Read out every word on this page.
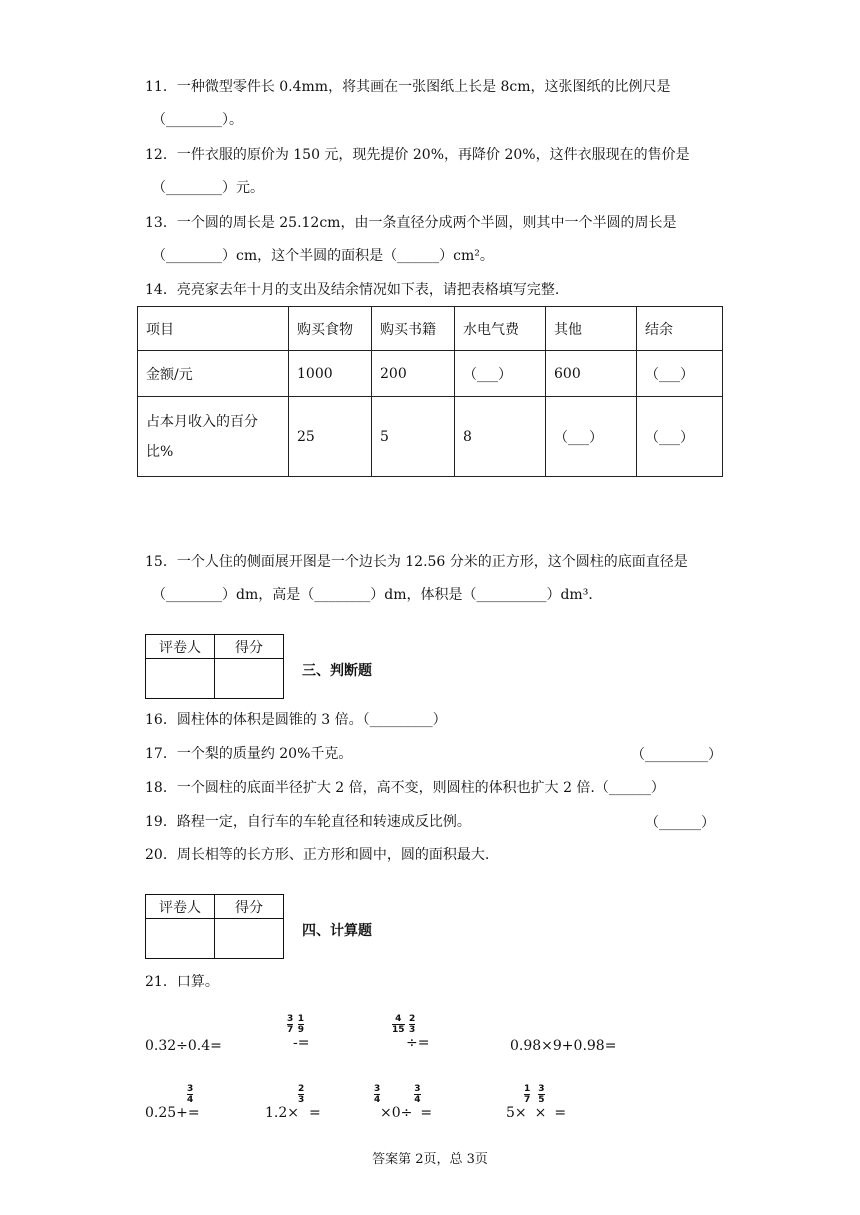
11．一种微型零件长 0.4mm，将其画在一张图纸上长是 8cm，这张图纸的比例尺是
（________）。
12．一件衣服的原价为 150 元，现先提价 20%，再降价 20%，这件衣服现在的售价是
（________）元。
13．一个圆的周长是 25.12cm，由一条直径分成两个半圆，则其中一个半圆的周长是
（________）cm，这个半圆的面积是（______）cm²。
14．亮亮家去年十月的支出及结余情况如下表，请把表格填写完整.
项目	购买食物	购买书籍	水电气费	其他	结余
金额/元	1000	200	（___）	600	（___）
占本月收入的百分
比%	25	5	8	（___）	（___）
15．一个人住的侧面展开图是一个边长为 12.56 分米的正方形，这个圆柱的底面直径是
（________）dm，高是（________）dm，体积是（__________）dm³．
评卷人	得分

三、判断题
16．圆柱体的体积是圆锥的 3 倍。（_________）
17．一个梨的质量约 20%千克。	（_________）
18．一个圆柱的底面半径扩大 2 倍，高不变，则圆柱的体积也扩大 2 倍.（______）
19．路程一定，自行车的车轮直径和转速成反比例。	（______）
20．周长相等的长方形、正方形和圆中，圆的面积最大.
评卷人	得分

四、计算题
21．口算。
0.32÷0.4=
$\frac{3}{7}$
$\frac{1}{9}$

-=
$\frac{4}{15}$
$\frac{2}{3}$

÷=	0.98×9+0.98=
$\frac{3}{4}$

0.25+=
$\frac{2}{3}$

1.2× =
$\frac{3}{4}$	$\frac{3}{4}$

×0÷ =
$\frac{1}{7} \frac{3}{5}$

5× × =
答案第 2页，总 3页
